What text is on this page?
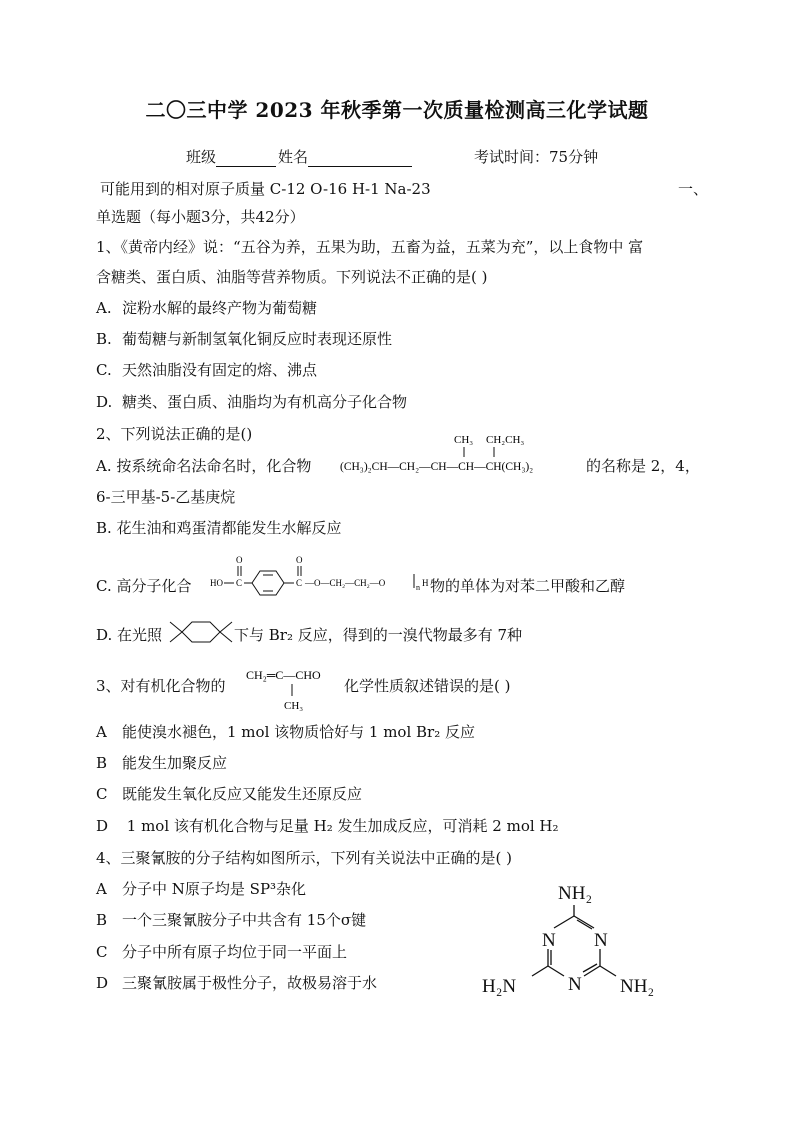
二〇三中学 2023 年秋季第一次质量检测高三化学试题
班级	姓名	考试时间：75分钟
可能用到的相对原子质量 C-12 O-16 H-1 Na-23	一、
单选题（每小题3分，共42分）
1、《黄帝内经》说：“五谷为养，五果为助，五畜为益，五菜为充”，以上食物中 富
含糖类、蛋白质、油脂等营养物质。下列说法不正确的是( )
A. 淀粉水解的最终产物为葡萄糖
B. 葡萄糖与新制氢氧化铜反应时表现还原性
C. 天然油脂没有固定的熔、沸点
D. 糖类、蛋白质、油脂均为有机高分子化合物
2、下列说法正确的是()
A. 按系统命名法命名时，化合物
CH₃ CH₂CH₃
(CH₃)₂CH—CH₂—CH—CH—CH(CH₃)₂	的名称是 2，4，
6-三甲基-5-乙基庚烷
B. 花生油和鸡蛋清都能发生水解反应
C. 高分子化合 HO C
O
C
O
—O—CH₂—CH₂—O	n H 物的单体为对苯二甲酸和乙醇
D. 在光照	下与 Br₂ 反应，得到的一溴代物最多有 7种
3、对有机化合物的
CH₂═C—CHO
CH₃
化学性质叙述错误的是( )
A 能使溴水褪色，1 mol 该物质恰好与 1 mol Br₂ 反应
B 能发生加聚反应
C 既能发生氧化反应又能发生还原反应
D 1 mol 该有机化合物与足量 H₂ 发生加成反应，可消耗 2 mol H₂
4、三聚氰胺的分子结构如图所示，下列有关说法中正确的是( )
A 分子中 N原子均是 SP³杂化
B 一个三聚氰胺分子中共含有 15个σ键
C 分子中所有原子均位于同一平面上
D 三聚氰胺属于极性分子，故极易溶于水
NH₂
N N
N
H₂N	NH₂
